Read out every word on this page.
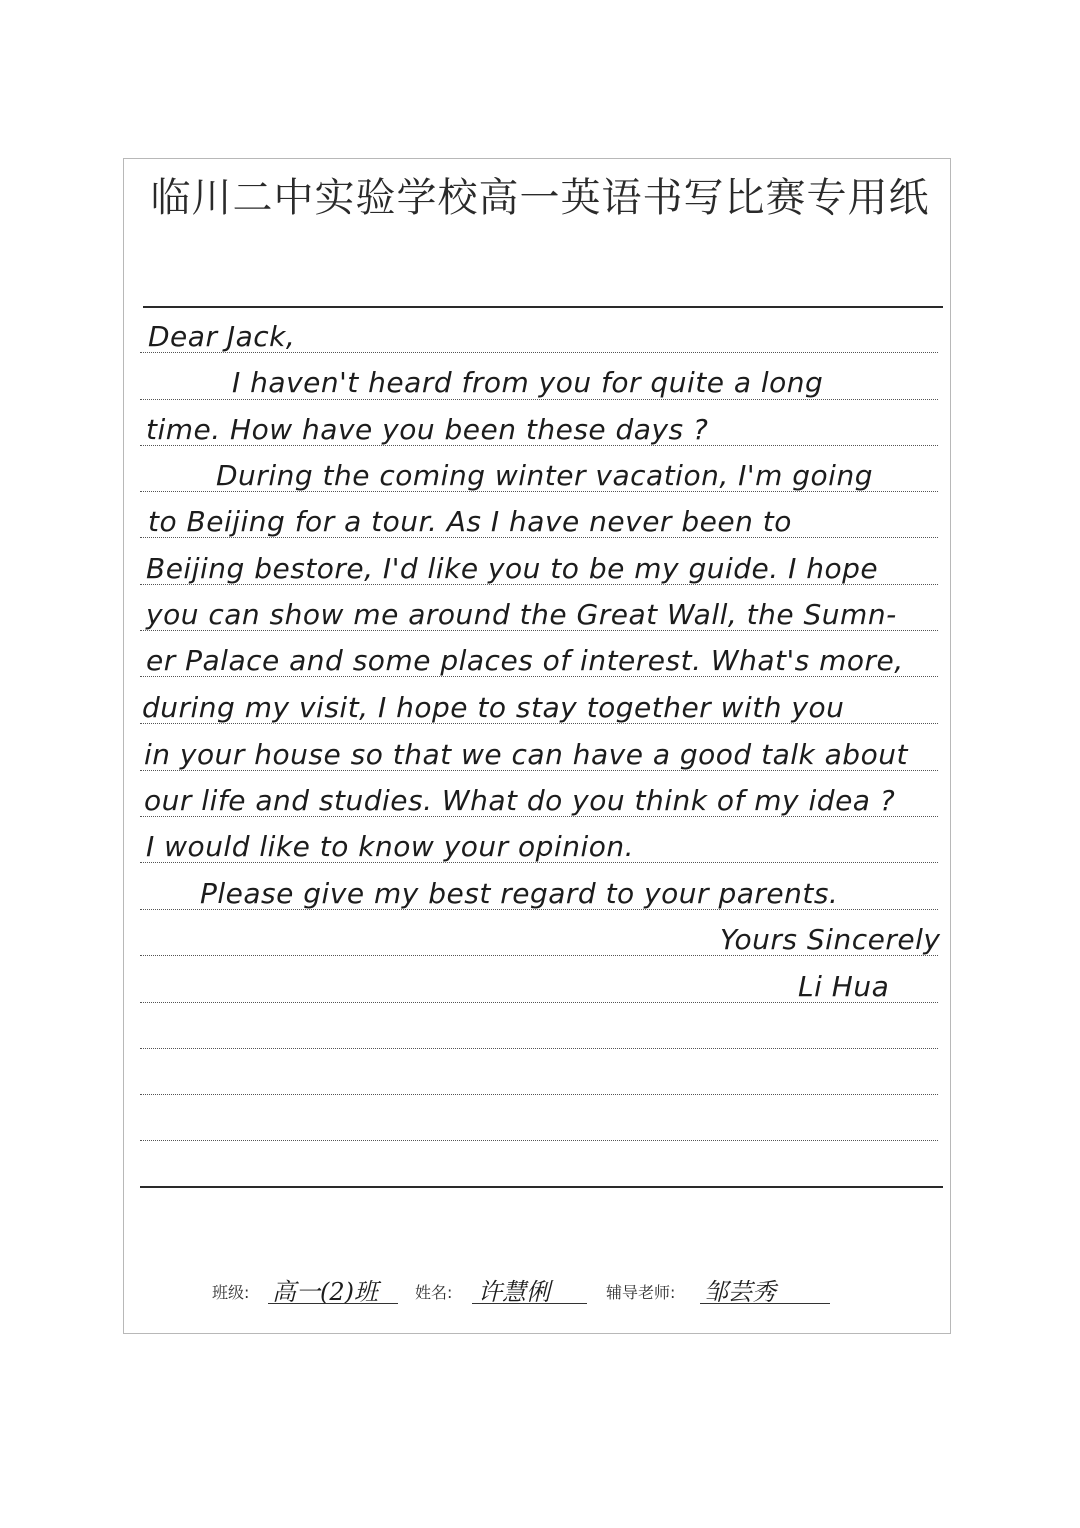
临川二中实验学校高一英语书写比赛专用纸
Dear Jack,
I haven't heard from you for quite a long
time. How have you been these days ?
During the coming winter vacation, I'm going
to Beijing for a tour. As I have never been to
Beijing bestore, I'd like you to be my guide. I hope
you can show me around the Great Wall, the Sumn-
er Palace and some places of interest. What's more,
during my visit, I hope to stay together with you
in your house so that we can have a good talk about
our life and studies. What do you think of my idea ?
I would like to know your opinion.
Please give my best regard to your parents.
Yours Sincerely
Li Hua
班级: 高一(2)班 姓名: 许慧俐	辅导老师: 邹芸秀
